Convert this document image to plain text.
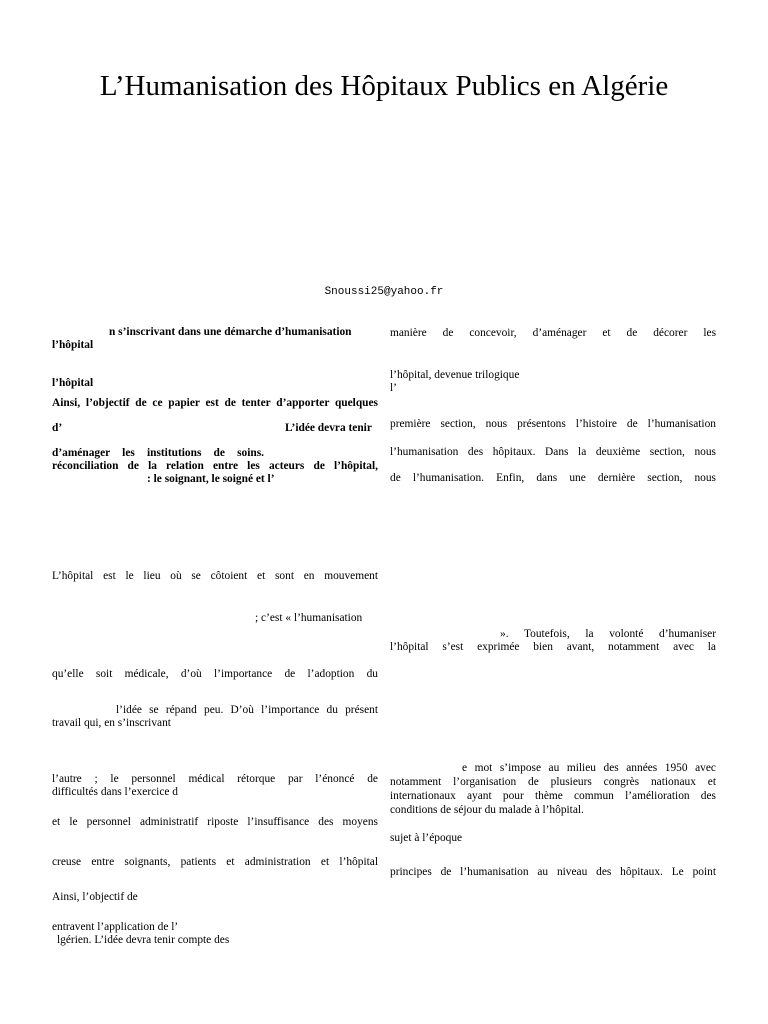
L’Humanisation des Hôpitaux Publics en Algérie
Snoussi25@yahoo.fr
n s’inscrivant dans une démarche d’humanisation
l’hôpital
l’hôpital
Ainsi, l’objectif de ce papier est de tenter d’apporter quelques
d’	L’idée devra tenir
d’aménager les institutions de soins.
réconciliation de la relation entre les acteurs de l’hôpital,
: le soignant, le soigné et l’
L’hôpital est le lieu où se côtoient et sont en mouvement
; c’est « l’humanisation
qu’elle soit médicale, d’où l’importance de l’adoption du
l’idée se répand peu. D’où l’importance du présent
travail qui, en s’inscrivant
l’autre ; le personnel médical rétorque par l’énoncé de
difficultés dans l’exercice d
et le personnel administratif riposte l’insuffisance des moyens
creuse entre soignants, patients et administration et l’hôpital
Ainsi, l’objectif de
entravent l’application de l’
lgérien. L’idée devra tenir compte des
manière de concevoir, d’aménager et de décorer les
l’hôpital, devenue trilogique
l’
première section, nous présentons l’histoire de l’humanisation
l’humanisation des hôpitaux. Dans la deuxième section, nous
de l’humanisation. Enfin, dans une dernière section, nous
». Toutefois, la volonté d’humaniser
l’hôpital s’est exprimée bien avant, notamment avec la
e mot s’impose au milieu des années 1950 avec
notamment l’organisation de plusieurs congrès nationaux et
internationaux ayant pour thème commun l’amélioration des
conditions de séjour du malade à l’hôpital.
sujet à l’époque
principes de l’humanisation au niveau des hôpitaux. Le point
